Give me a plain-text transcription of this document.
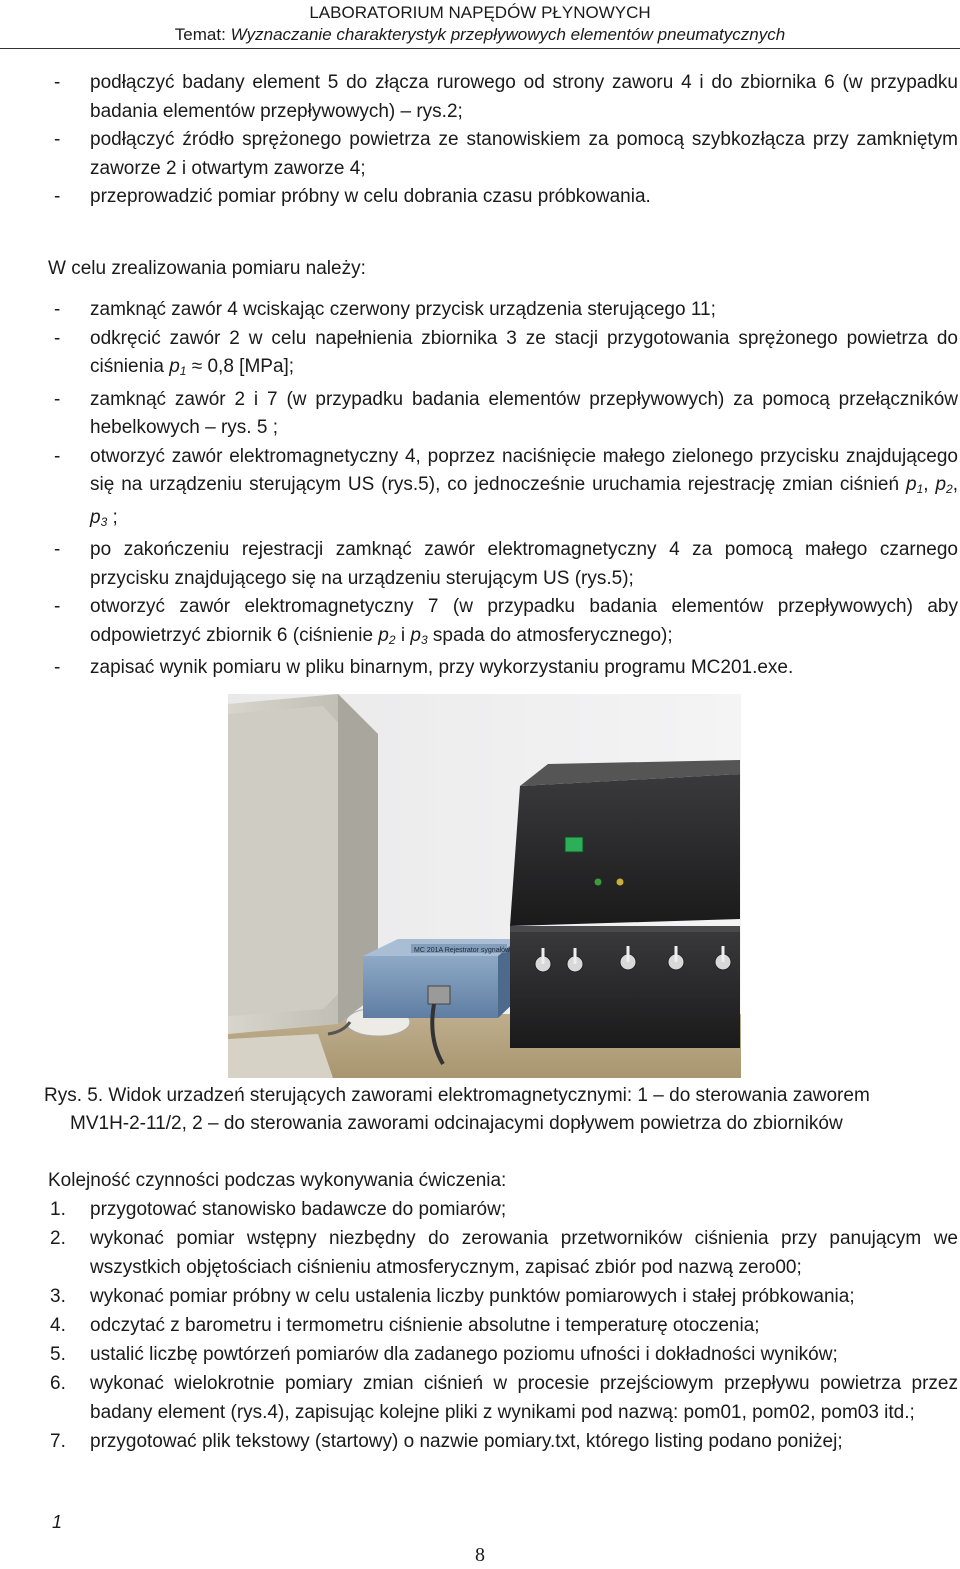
LABORATORIUM NAPĘDÓW PŁYNOWYCH
Temat: Wyznaczanie charakterystyk przepływowych elementów pneumatycznych
- podłączyć badany element 5 do złącza rurowego od strony zaworu 4 i do zbiornika 6 (w przypadku badania elementów przepływowych) – rys.2;
- podłączyć źródło sprężonego powietrza ze stanowiskiem za pomocą szybkozłącza przy zamkniętym zaworze 2 i otwartym zaworze 4;
- przeprowadzić pomiar próbny w celu dobrania czasu próbkowania.
W celu zrealizowania pomiaru należy:
- zamknąć zawór 4 wciskając czerwony przycisk urządzenia sterującego 11;
- odkręcić zawór 2 w celu napełnienia zbiornika 3 ze stacji przygotowania sprężonego powietrza do ciśnienia $p_1 \approx 0,8$ [MPa];
- zamknąć zawór 2 i 7 (w przypadku badania elementów przepływowych) za pomocą przełączników hebelkowych – rys. 5 ;
- otworzyć zawór elektromagnetyczny 4, poprzez naciśnięcie małego zielonego przycisku znajdującego się na urządzeniu sterującym US (rys.5), co jednocześnie uruchamia rejestrację zmian ciśnień $p_1$, $p_2$, $p_3$ ;
- po zakończeniu rejestracji zamknąć zawór elektromagnetyczny 4 za pomocą małego czarnego przycisku znajdującego się na urządzeniu sterującym US (rys.5);
- otworzyć zawór elektromagnetyczny 7 (w przypadku badania elementów przepływowych) aby odpowietrzyć zbiornik 6 (ciśnienie $p_2$ i $p_3$ spada do atmosferycznego);
- zapisać wynik pomiaru w pliku binarnym, przy wykorzystaniu programu MC201.exe.
MC 201A Rejestrator sygnałów
Rys. 5. Widok urzadzeń sterujących zaworami elektromagnetycznymi: 1 – do sterowania zaworem
MV1H-2-11/2, 2 – do sterowania zaworami odcinajacymi dopływem powietrza do zbiorników
Kolejność czynności podczas wykonywania ćwiczenia:
1. przygotować stanowisko badawcze do pomiarów;
2. wykonać pomiar wstępny niezbędny do zerowania przetworników ciśnienia przy panującym we wszystkich objętościach ciśnieniu atmosferycznym, zapisać zbiór pod nazwą zero00;
3. wykonać pomiar próbny w celu ustalenia liczby punktów pomiarowych i stałej próbkowania;
4. odczytać z barometru i termometru ciśnienie absolutne i temperaturę otoczenia;
5. ustalić liczbę powtórzeń pomiarów dla zadanego poziomu ufności i dokładności wyników;
6. wykonać wielokrotnie pomiary zmian ciśnień w procesie przejściowym przepływu powietrza przez badany element (rys.4), zapisując kolejne pliki z wynikami pod nazwą: pom01, pom02, pom03 itd.;
7. przygotować plik tekstowy (startowy) o nazwie pomiary.txt, którego listing podano poniżej;
1
8
